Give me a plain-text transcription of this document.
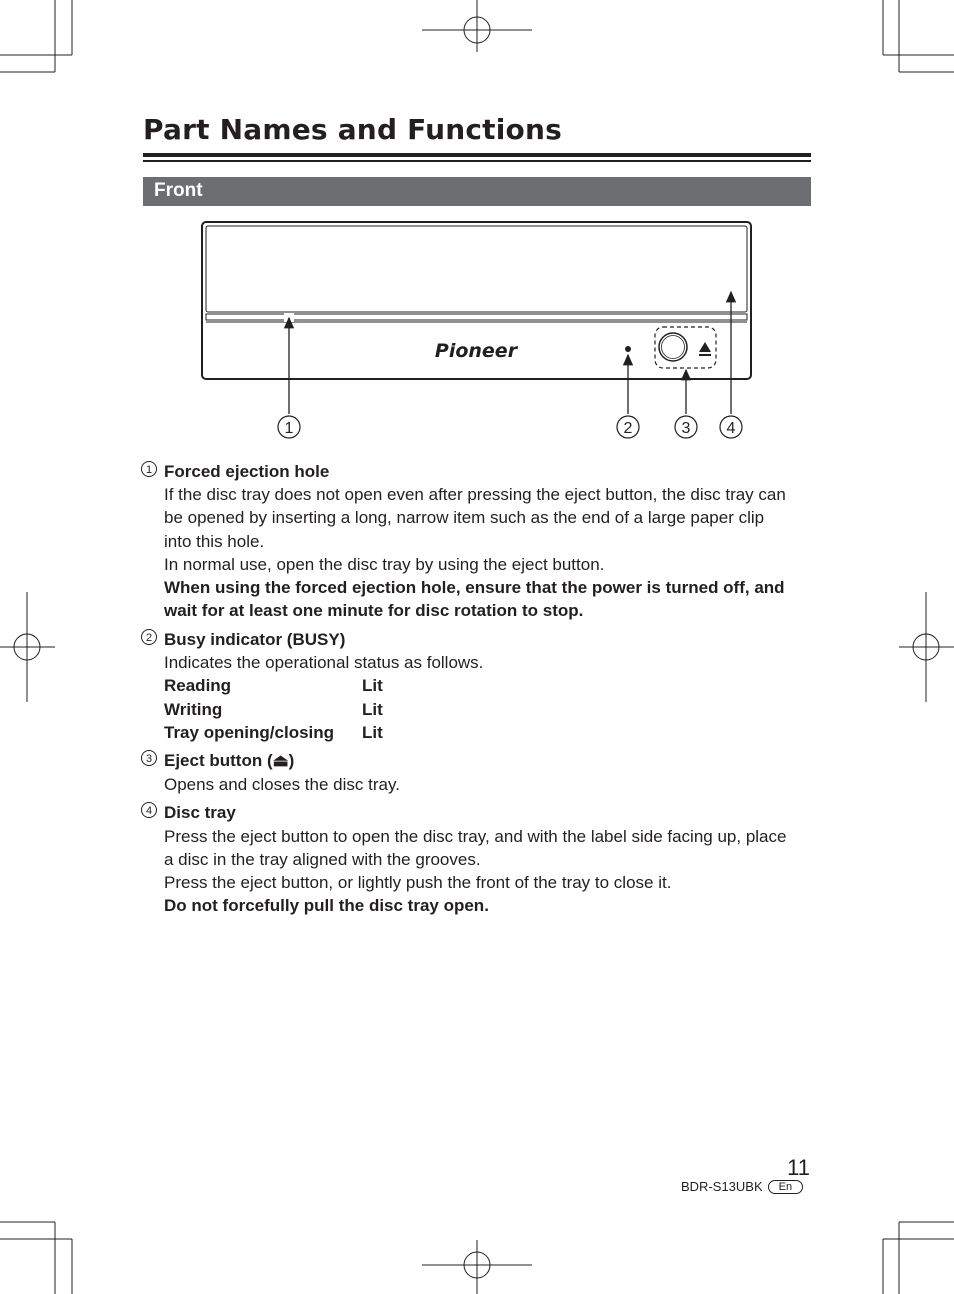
Part Names and Functions
Front
Pioneer
1	2	3 4
1 Forced ejection hole

If the disc tray does not open even after pressing the eject button, the disc tray can

be opened by inserting a long, narrow item such as the end of a large paper clip

into this hole.

In normal use, open the disc tray by using the eject button.

When using the forced ejection hole, ensure that the power is turned off, and

wait for at least one minute for disc rotation to stop.

2 Busy indicator (BUSY)

Indicates the operational status as follows.

Reading	Lit
Writing	Lit
Tray opening/closing	Lit
3 Eject button (⏏)

Opens and closes the disc tray.

4 Disc tray

Press the eject button to open the disc tray, and with the label side facing up, place

a disc in the tray aligned with the grooves.

Press the eject button, or lightly push the front of the tray to close it.

Do not forcefully pull the disc tray open.

11
BDR-S13UBK	En
